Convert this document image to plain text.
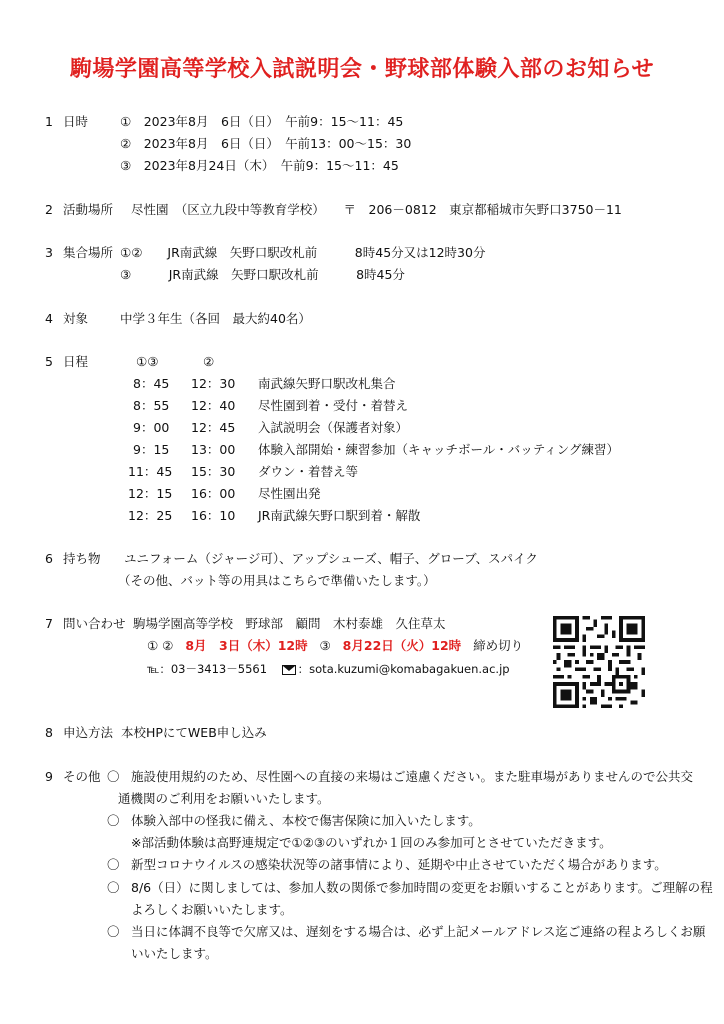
駒場学園高等学校入試説明会・野球部体験入部のお知らせ
1 日時	①　2023年8月　6日（日）　午前9：15～11：45
②　2023年8月　6日（日）　午前13：00～15：30
③　2023年8月24日（木）　午前9：15～11：45
2 活動場所 尽性園　（区立九段中等教育学校）　　〒　206－0812　東京都稲城市矢野口3750－11
3 集合場所 ①②　　JR南武線　矢野口駅改札前　　　8時45分又は12時30分
③　　　JR南武線　矢野口駅改札前　　　8時45分
4 対象	中学３年生（各回　最大約40名）
5 日程	①③	②
8：45 12：30 南武線矢野口駅改札集合
8：55 12：40 尽性園到着・受付・着替え
9：00 12：45 入試説明会（保護者対象）
9：15 13：00 体験入部開始・練習参加（キャッチボール・バッティング練習）
11：45 15：30 ダウン・着替え等
12：15 16：00 尽性園出発
12：25 16：10 JR南武線矢野口駅到着・解散
6 持ち物 ユニフォーム（ジャージ可）、アップシューズ、帽子、グローブ、スパイク
（その他、バット等の用具はこちらで準備いたします。）
7 問い合わせ 駒場学園高等学校　野球部　顧問　木村泰雄　久住草太
① ② 8月　3日（木）12時 ③ 8月22日（火）12時 締め切り
℡：03－3413－5561	：sota.kuzumi@komabagakuen.ac.jp
8 申込方法 本校HPにてWEB申し込み
9 その他 〇 施設使用規約のため、尽性園への直接の来場はご遠慮ください。また駐車場がありませんので公共交
通機関のご利用をお願いいたします。
〇 体験入部中の怪我に備え、本校で傷害保険に加入いたします。
※部活動体験は高野連規定で①②③のいずれか１回のみ参加可とさせていただきます。
〇 新型コロナウイルスの感染状況等の諸事情により、延期や中止させていただく場合があります。
〇 8/6（日）に関しましては、参加人数の関係で参加時間の変更をお願いすることがあります。ご理解の程
よろしくお願いいたします。
〇 当日に体調不良等で欠席又は、遅刻をする場合は、必ず上記メールアドレス迄ご連絡の程よろしくお願
いいたします。
